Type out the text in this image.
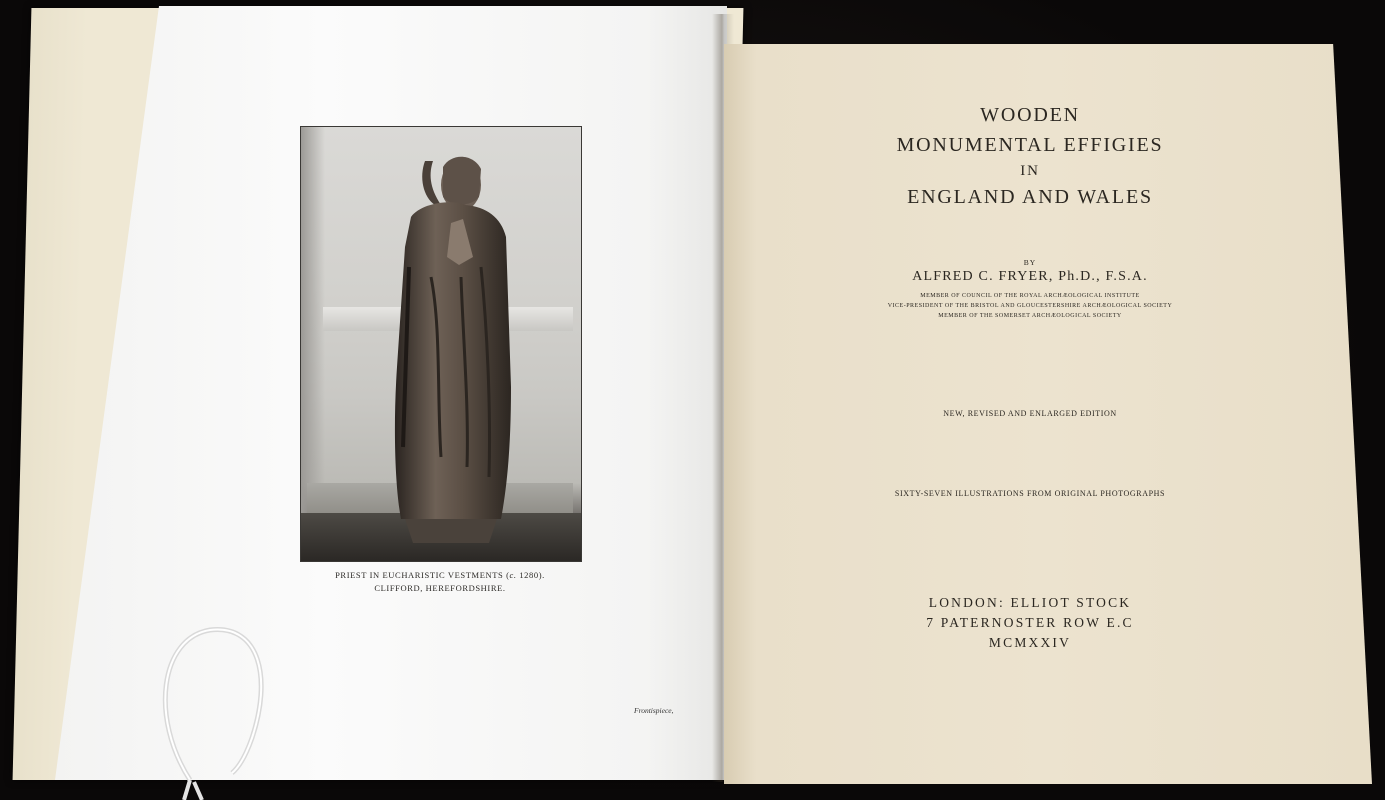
PRIEST IN EUCHARISTIC VESTMENTS (c. 1280).
CLIFFORD, HEREFORDSHIRE.
Frontispiece,
WOODEN
MONUMENTAL EFFIGIES
IN
ENGLAND AND WALES
BY
ALFRED C. FRYER, Ph.D., F.S.A.
MEMBER OF COUNCIL OF THE ROYAL ARCHÆOLOGICAL INSTITUTE
VICE-PRESIDENT OF THE BRISTOL AND GLOUCESTERSHIRE ARCHÆOLOGICAL SOCIETY
MEMBER OF THE SOMERSET ARCHÆOLOGICAL SOCIETY
NEW, REVISED AND ENLARGED EDITION
SIXTY-SEVEN ILLUSTRATIONS FROM ORIGINAL PHOTOGRAPHS
LONDON: ELLIOT STOCK
7 PATERNOSTER ROW E.C
MCMXXIV
